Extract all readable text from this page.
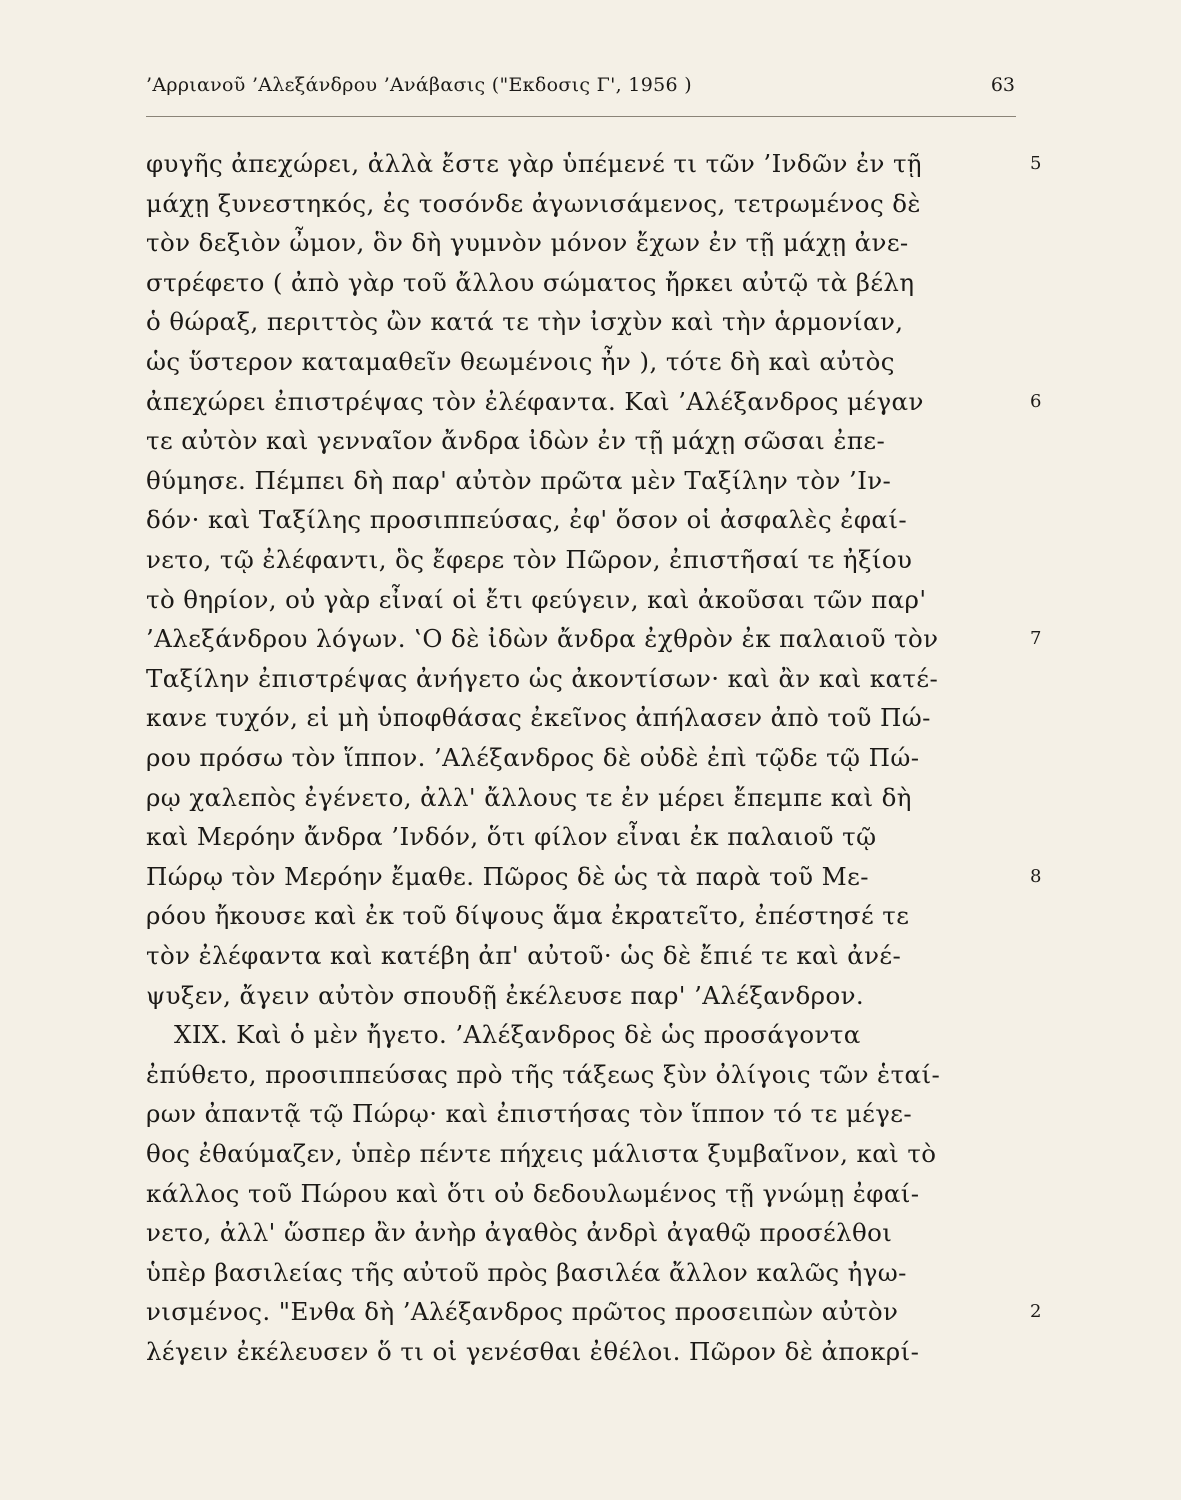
’Αρριανοῦ ’Αλεξάνδρου ’Ανάβασις ("Εκδοσις Γ', 1956 )	63
φυγῆς ἀπεχώρει, ἀλλὰ ἔστε γὰρ ὑπέμενέ τι τῶν ’Ινδῶν ἐν τῇ
μάχῃ ξυνεστηκός, ἐς τοσόνδε ἀγωνισάμενος, τετρωμένος δὲ
τὸν δεξιὸν ὦμον, ὃν δὴ γυμνὸν μόνον ἔχων ἐν τῇ μάχῃ ἀνε-
στρέφετο ( ἀπὸ γὰρ τοῦ ἄλλου σώματος ἤρκει αὐτῷ τὰ βέλη
ὁ θώραξ, περιττὸς ὢν κατά τε τὴν ἰσχὺν καὶ τὴν ἁρμονίαν,
ὡς ὕστερον καταμαθεῖν θεωμένοις ἦν ), τότε δὴ καὶ αὐτὸς
ἀπεχώρει ἐπιστρέψας τὸν ἐλέφαντα. Καὶ ’Αλέξανδρος μέγαν
τε αὐτὸν καὶ γενναῖον ἄνδρα ἰδὼν ἐν τῇ μάχῃ σῶσαι ἐπε-
θύμησε. Πέμπει δὴ παρ' αὐτὸν πρῶτα μὲν Ταξίλην τὸν ’Ιν-
δόν· καὶ Ταξίλης προσιππεύσας, ἐφ' ὅσον οἱ ἀσφαλὲς ἐφαί-
νετο, τῷ ἐλέφαντι, ὃς ἔφερε τὸν Πῶρον, ἐπιστῆσαί τε ἠξίου
τὸ θηρίον, οὐ γὰρ εἶναί οἱ ἔτι φεύγειν, καὶ ἀκοῦσαι τῶν παρ'
’Αλεξάνδρου λόγων. ‛Ο δὲ ἰδὼν ἄνδρα ἐχθρὸν ἐκ παλαιοῦ τὸν
Ταξίλην ἐπιστρέψας ἀνήγετο ὡς ἀκοντίσων· καὶ ἂν καὶ κατέ-
κανε τυχόν, εἰ μὴ ὑποφθάσας ἐκεῖνος ἀπήλασεν ἀπὸ τοῦ Πώ-
ρου πρόσω τὸν ἵππον. ’Αλέξανδρος δὲ οὐδὲ ἐπὶ τῷδε τῷ Πώ-
ρῳ χαλεπὸς ἐγένετο, ἀλλ' ἄλλους τε ἐν μέρει ἔπεμπε καὶ δὴ
καὶ Μερόην ἄνδρα ’Ινδόν, ὅτι φίλον εἶναι ἐκ παλαιοῦ τῷ
Πώρῳ τὸν Μερόην ἔμαθε. Πῶρος δὲ ὡς τὰ παρὰ τοῦ Με-
ρόου ἤκουσε καὶ ἐκ τοῦ δίψους ἅμα ἐκρατεῖτο, ἐπέστησέ τε
τὸν ἐλέφαντα καὶ κατέβη ἀπ' αὐτοῦ· ὡς δὲ ἔπιέ τε καὶ ἀνέ-
ψυξεν, ἄγειν αὐτὸν σπουδῇ ἐκέλευσε παρ' ’Αλέξανδρον.
XIX. Καὶ ὁ μὲν ἤγετο. ’Αλέξανδρος δὲ ὡς προσάγοντα
ἐπύθετο, προσιππεύσας πρὸ τῆς τάξεως ξὺν ὀλίγοις τῶν ἑταί-
ρων ἀπαντᾷ τῷ Πώρῳ· καὶ ἐπιστήσας τὸν ἵππον τό τε μέγε-
θος ἐθαύμαζεν, ὑπὲρ πέντε πήχεις μάλιστα ξυμβαῖνον, καὶ τὸ
κάλλος τοῦ Πώρου καὶ ὅτι οὐ δεδουλωμένος τῇ γνώμῃ ἐφαί-
νετο, ἀλλ' ὥσπερ ἂν ἀνὴρ ἀγαθὸς ἀνδρὶ ἀγαθῷ προσέλθοι
ὑπὲρ βασιλείας τῆς αὐτοῦ πρὸς βασιλέα ἄλλον καλῶς ἠγω-
νισμένος. "Ενθα δὴ ’Αλέξανδρος πρῶτος προσειπὼν αὐτὸν
λέγειν ἐκέλευσεν ὅ τι οἱ γενέσθαι ἐθέλοι. Πῶρον δὲ ἀποκρί-
5
6
7
8
2
